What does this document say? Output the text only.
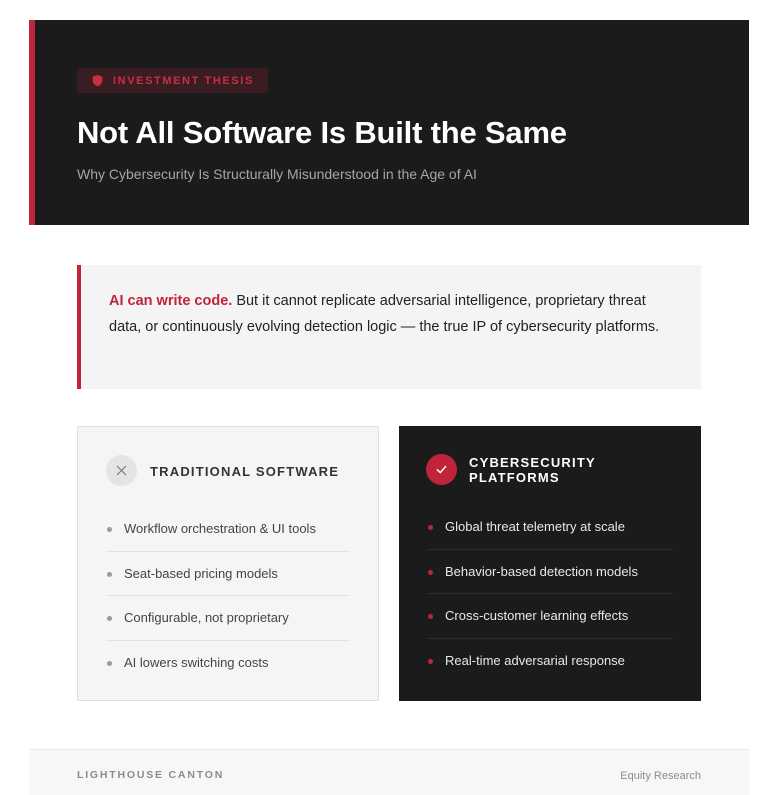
INVESTMENT THESIS
Not All Software Is Built the Same
Why Cybersecurity Is Structurally Misunderstood in the Age of AI

AI can write code. But it cannot replicate adversarial intelligence, proprietary threat data, or continuously evolving detection logic — the true IP of cybersecurity platforms.

TRADITIONAL SOFTWARE
Workflow orchestration & UI tools
Seat-based pricing models
Configurable, not proprietary
AI lowers switching costs
CYBERSECURITY PLATFORMS
Global threat telemetry at scale
Behavior-based detection models
Cross-customer learning effects
Real-time adversarial response
LIGHTHOUSE CANTON	Equity Research
